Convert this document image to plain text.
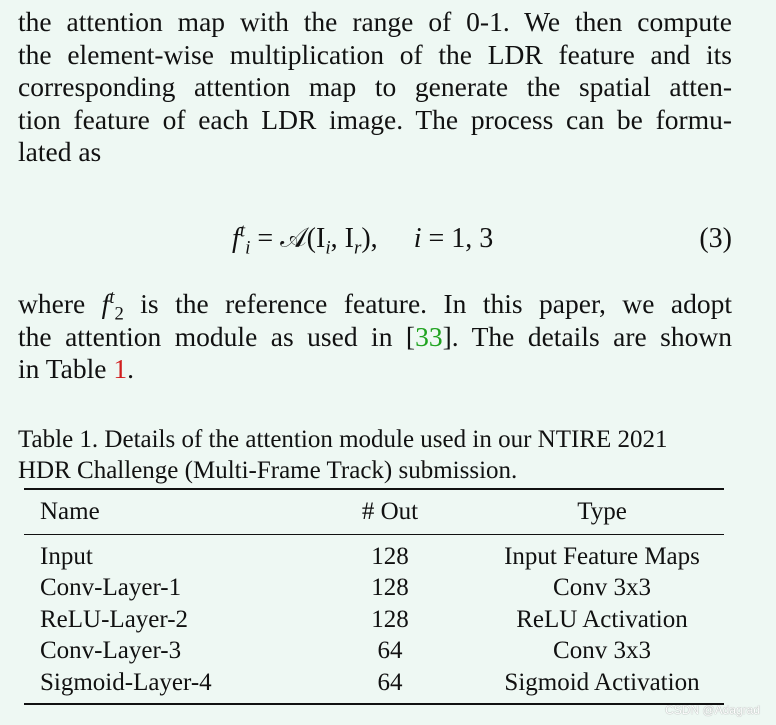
the attention map with the range of 0-1. We then compute
the element-wise multiplication of the LDR feature and its
corresponding attention map to generate the spatial atten-
tion feature of each LDR image. The process can be formu-
lated as
$f^t_i$ = $𝒜(I_i$, $I_r$), i = 1, 3	(3)
where $f^t_2$ is the reference feature. In this paper, we adopt
the attention module as used in [33]. The details are shown
in Table 1.
Table 1. Details of the attention module used in our NTIRE 2021
HDR Challenge (Multi-Frame Track) submission.
Name	# Out	Type
Input	128	Input Feature Maps
Conv-Layer-1	128	Conv 3x3
ReLU-Layer-2	128	ReLU Activation
Conv-Layer-3	64	Conv 3x3
Sigmoid-Layer-4	64	Sigmoid Activation
CSDN @Adagrad
